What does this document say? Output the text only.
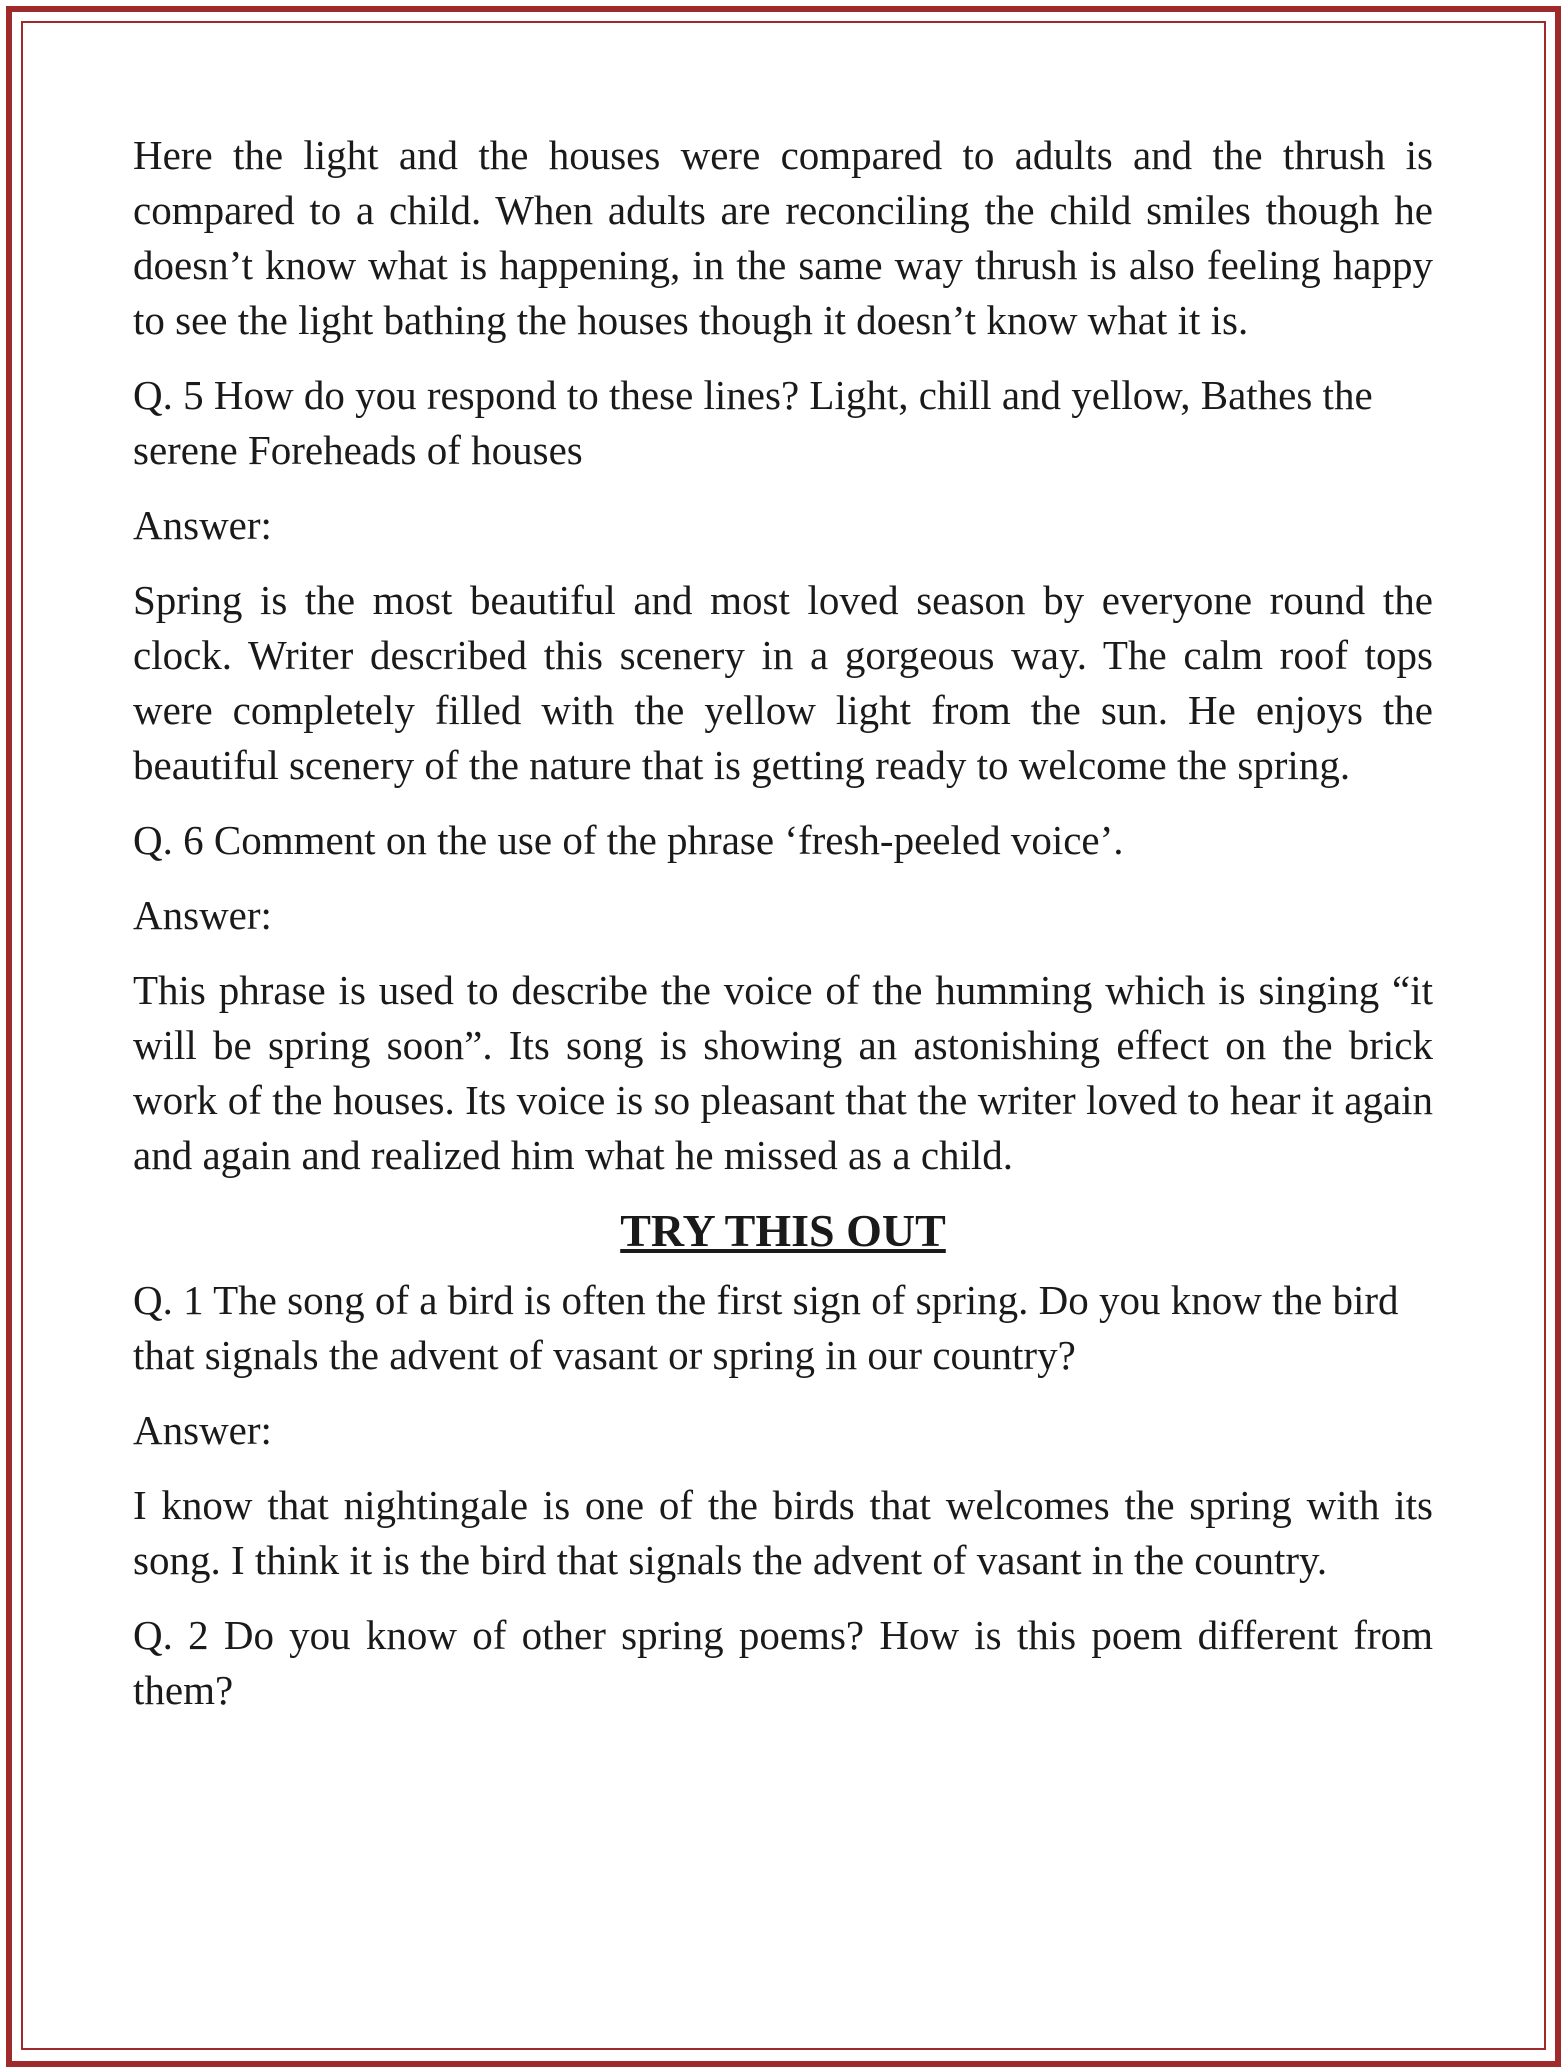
Here the light and the houses were compared to adults and the thrush is compared to a child. When adults are reconciling the child smiles though he doesn’t know what is happening, in the same way thrush is also feeling happy to see the light bathing the houses though it doesn’t know what it is.

Q. 5 How do you respond to these lines? Light, chill and yellow, Bathes the serene Foreheads of houses

Answer:

Spring is the most beautiful and most loved season by everyone round the clock. Writer described this scenery in a gorgeous way. The calm roof tops were completely filled with the yellow light from the sun. He enjoys the beautiful scenery of the nature that is getting ready to welcome the spring.

Q. 6 Comment on the use of the phrase ‘fresh-peeled voice’.

Answer:

This phrase is used to describe the voice of the humming which is singing “it will be spring soon”. Its song is showing an astonishing effect on the brick work of the houses. Its voice is so pleasant that the writer loved to hear it again and again and realized him what he missed as a child.

TRY THIS OUT

Q. 1 The song of a bird is often the first sign of spring. Do you know the bird that signals the advent of vasant or spring in our country?

Answer:

I know that nightingale is one of the birds that welcomes the spring with its song. I think it is the bird that signals the advent of vasant in the country.

Q. 2 Do you know of other spring poems? How is this poem different from them?
